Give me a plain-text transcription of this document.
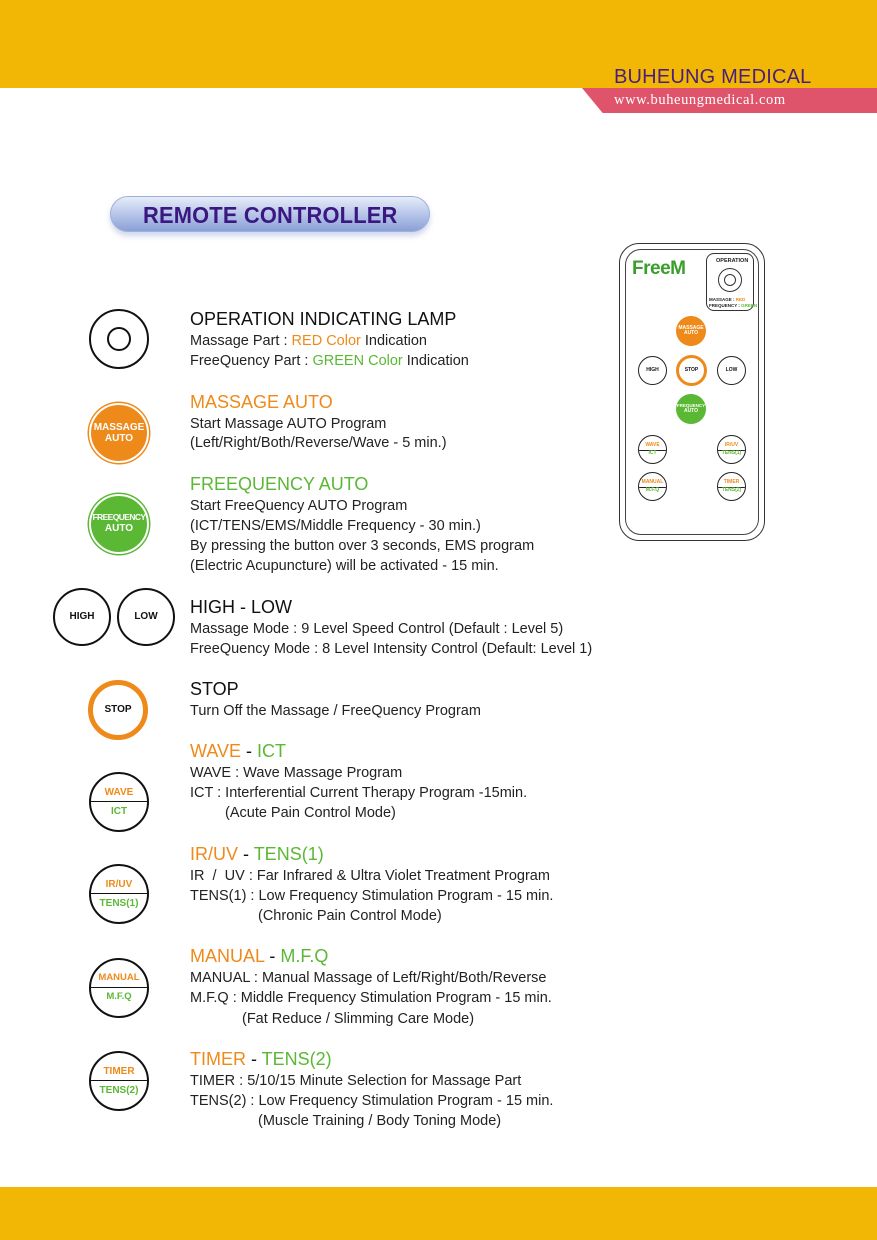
BUHEUNG MEDICAL
www.buheungmedical.com
REMOTE CONTROLLER
OPERATION INDICATING LAMP
Massage Part : RED Color Indication
FreeQuency Part : GREEN Color Indication
MASSAGE
AUTO
MASSAGE AUTO
Start Massage AUTO Program
(Left/Right/Both/Reverse/Wave - 5 min.)
FREEQUENCY
AUTO
FREEQUENCY AUTO
Start FreeQuency AUTO Program
(ICT/TENS/EMS/Middle Frequency - 30 min.)
By pressing the button over 3 seconds, EMS program
(Electric Acupuncture) will be activated - 15 min.
HIGH	LOW	HIGH - LOW
Massage Mode : 9 Level Speed Control (Default : Level 5)
FreeQuency Mode : 8 Level Intensity Control (Default: Level 1)
STOP
STOP
Turn Off the Massage / FreeQuency Program
WAVE
ICT
WAVE - ICT
WAVE : Wave Massage Program
ICT : Interferential Current Therapy Program -15min.
(Acute Pain Control Mode)
IR/UV
TENS(1)
IR/UV - TENS(1)
IR  /  UV : Far Infrared & Ultra Violet Treatment Program
TENS(1) : Low Frequency Stimulation Program - 15 min.
(Chronic Pain Control Mode)
MANUAL
M.F.Q
MANUAL - M.F.Q
MANUAL : Manual Massage of Left/Right/Both/Reverse
M.F.Q : Middle Frequency Stimulation Program - 15 min.
(Fat Reduce / Slimming Care Mode)
TIMER
TENS(2)
TIMER - TENS(2)
TIMER : 5/10/15 Minute Selection for Massage Part
TENS(2) : Low Frequency Stimulation Program - 15 min.
(Muscle Training / Body Toning Mode)
FreeM	OPERATION
MASSAGE : RED
FREQUENCY : GREEN
MASSAGE
AUTO
HIGH	STOP	LOW
FREQUENCY
AUTO
WAVE
ICT
IR/UV
TENS(1)
MANUAL
M.F.Q
TIMER
TENS(2)
